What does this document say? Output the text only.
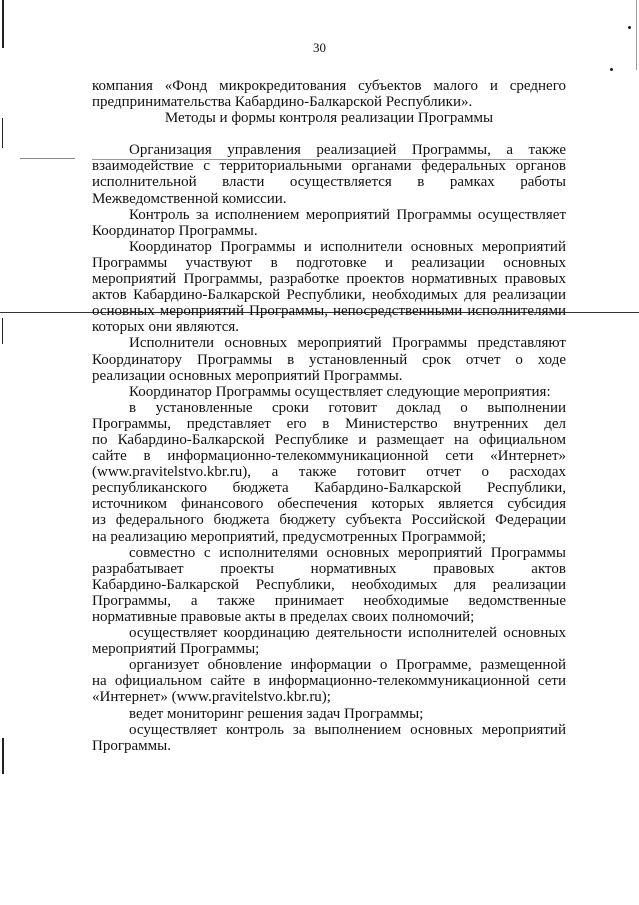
30
компания «Фонд микрокредитования субъектов малого и среднего
предпринимательства Кабардино-Балкарской Республики».
Методы и формы контроля реализации Программы
Организация управления реализацией Программы, а также
взаимодействие с территориальными органами федеральных органов
исполнительной власти осуществляется в рамках работы
Межведомственной комиссии.
Контроль за исполнением мероприятий Программы осуществляет
Координатор Программы.
Координатор Программы и исполнители основных мероприятий
Программы участвуют в подготовке и реализации основных
мероприятий Программы, разработке проектов нормативных правовых
актов Кабардино-Балкарской Республики, необходимых для реализации
основных мероприятий Программы, непосредственными исполнителями
которых они являются.
Исполнители основных мероприятий Программы представляют
Координатору Программы в установленный срок отчет о ходе
реализации основных мероприятий Программы.
Координатор Программы осуществляет следующие мероприятия:
в установленные сроки готовит доклад о выполнении
Программы, представляет его в Министерство внутренних дел
по Кабардино-Балкарской Республике и размещает на официальном
сайте в информационно-телекоммуникационной сети «Интернет»
(www.pravitelstvo.kbr.ru), а также готовит отчет о расходах
республиканского бюджета Кабардино-Балкарской Республики,
источником финансового обеспечения которых является субсидия
из федерального бюджета бюджету субъекта Российской Федерации
на реализацию мероприятий, предусмотренных Программой;
совместно с исполнителями основных мероприятий Программы
разрабатывает проекты нормативных правовых актов
Кабардино-Балкарской Республики, необходимых для реализации
Программы, а также принимает необходимые ведомственные
нормативные правовые акты в пределах своих полномочий;
осуществляет координацию деятельности исполнителей основных
мероприятий Программы;
организует обновление информации о Программе, размещенной
на официальном сайте в информационно-телекоммуникационной сети
«Интернет» (www.pravitelstvo.kbr.ru);
ведет мониторинг решения задач Программы;
осуществляет контроль за выполнением основных мероприятий
Программы.
